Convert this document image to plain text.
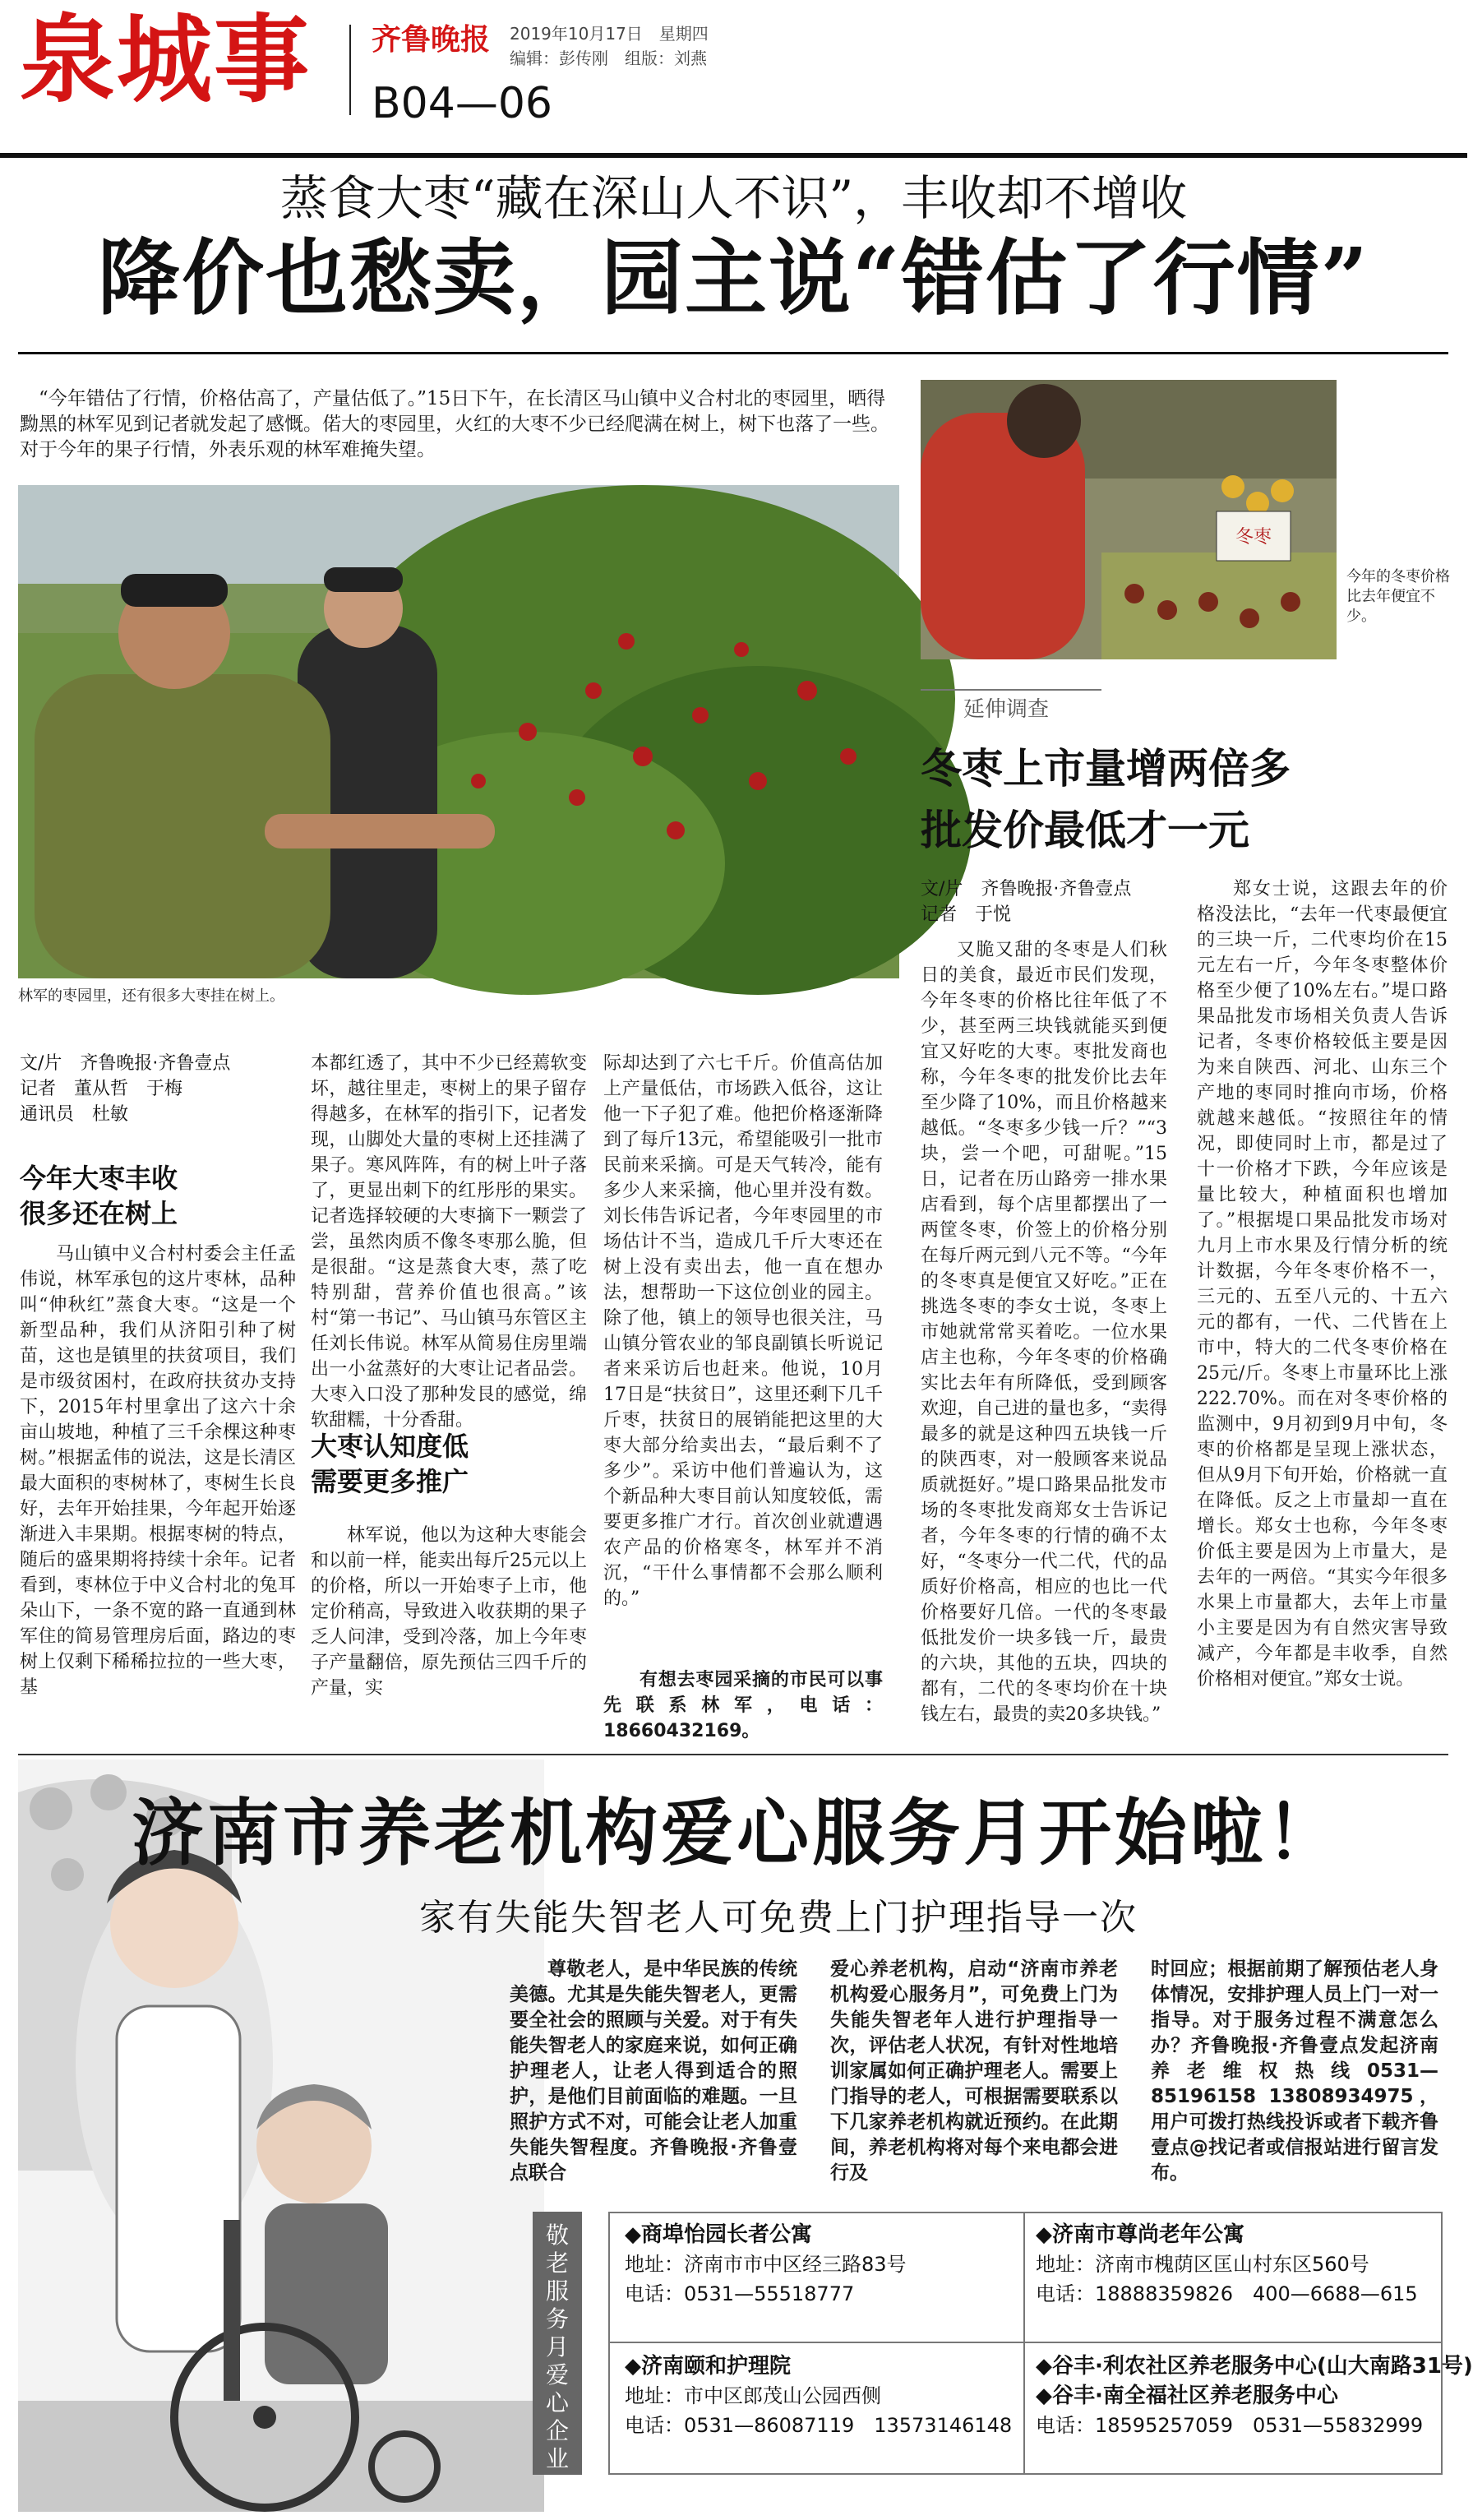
泉城事 齐鲁晚报
B04—06
2019年10月17日　星期四
编辑：彭传刚　组版：刘燕
蒸食大枣“藏在深山人不识”，丰收却不增收
降价也愁卖，园主说“错估了行情”
“今年错估了行情，价格估高了，产量估低了。”15日下午，在长清区马山镇中义合村北的枣园里，晒得黝黑的林军见到记者就发起了感慨。偌大的枣园里，火红的大枣不少已经爬满在树上，树下也落了一些。对于今年的果子行情，外表乐观的林军难掩失望。
林军的枣园里，还有很多大枣挂在树上。
冬枣
今年的冬枣价格比去年便宜不少。
延伸调查
冬枣上市量增两倍多
批发价最低才一元
文/片　齐鲁晚报·齐鲁壹点
记者　于悦
又脆又甜的冬枣是人们秋日的美食，最近市民们发现，今年冬枣的价格比往年低了不少，甚至两三块钱就能买到便宜又好吃的大枣。枣批发商也称，今年冬枣的批发价比去年至少降了10%，而且价格越来越低。“冬枣多少钱一斤？”“3块，尝一个吧，可甜呢。”15日，记者在历山路旁一排水果店看到，每个店里都摆出了一两筐冬枣，价签上的价格分别在每斤两元到八元不等。“今年的冬枣真是便宜又好吃。”正在挑选冬枣的李女士说，冬枣上市她就常常买着吃。一位水果店主也称，今年冬枣的价格确实比去年有所降低，受到顾客欢迎，自己进的量也多，“卖得最多的就是这种四五块钱一斤的陕西枣，对一般顾客来说品质就挺好。”堤口路果品批发市场的冬枣批发商郑女士告诉记者，今年冬枣的行情的确不太好，“冬枣分一代二代，代的品质好价格高，相应的也比一代价格要好几倍。一代的冬枣最低批发价一块多钱一斤，最贵的六块，其他的五块，四块的都有，二代的冬枣均价在十块钱左右，最贵的卖20多块钱。”
郑女士说，这跟去年的价格没法比，“去年一代枣最便宜的三块一斤，二代枣均价在15元左右一斤，今年冬枣整体价格至少便了10%左右。”堤口路果品批发市场相关负责人告诉记者，冬枣价格较低主要是因为来自陕西、河北、山东三个产地的枣同时推向市场，价格就越来越低。“按照往年的情况，即使同时上市，都是过了十一价格才下跌，今年应该是量比较大，种植面积也增加了。”根据堤口果品批发市场对九月上市水果及行情分析的统计数据，今年冬枣价格不一，三元的、五至八元的、十五六元的都有，一代、二代皆在上市中，特大的二代冬枣价格在25元/斤。冬枣上市量环比上涨222.70%。而在对冬枣价格的监测中，9月初到9月中旬，冬枣的价格都是呈现上涨状态，但从9月下旬开始，价格就一直在降低。反之上市量却一直在增长。郑女士也称，今年冬枣价低主要是因为上市量大，是去年的一两倍。“其实今年很多水果上市量都大，去年上市量小主要是因为有自然灾害导致减产，今年都是丰收季，自然价格相对便宜。”郑女士说。
文/片　齐鲁晚报·齐鲁壹点
记者　董从哲　于梅
通讯员　杜敏
今年大枣丰收
很多还在树上
马山镇中义合村村委会主任孟伟说，林军承包的这片枣林，品种叫“伸秋红”蒸食大枣。“这是一个新型品种，我们从济阳引种了树苗，这也是镇里的扶贫项目，我们是市级贫困村，在政府扶贫办支持下，2015年村里拿出了这六十余亩山坡地，种植了三千余棵这种枣树。”根据孟伟的说法，这是长清区最大面积的枣树林了，枣树生长良好，去年开始挂果，今年起开始逐渐进入丰果期。根据枣树的特点，随后的盛果期将持续十余年。记者看到，枣林位于中义合村北的兔耳朵山下，一条不宽的路一直通到林军住的简易管理房后面，路边的枣树上仅剩下稀稀拉拉的一些大枣，基
本都红透了，其中不少已经蔫软变坏，越往里走，枣树上的果子留存得越多，在林军的指引下，记者发现，山脚处大量的枣树上还挂满了果子。寒风阵阵，有的树上叶子落了，更显出刺下的红彤彤的果实。记者选择较硬的大枣摘下一颗尝了尝，虽然肉质不像冬枣那么脆，但是很甜。“这是蒸食大枣，蒸了吃特别甜，营养价值也很高。”该村“第一书记”、马山镇马东管区主任刘长伟说。林军从简易住房里端出一小盆蒸好的大枣让记者品尝。大枣入口没了那种发艮的感觉，绵软甜糯，十分香甜。
大枣认知度低
需要更多推广
林军说，他以为这种大枣能会和以前一样，能卖出每斤25元以上的价格，所以一开始枣子上市，他定价稍高，导致进入收获期的果子乏人问津，受到冷落，加上今年枣子产量翻倍，原先预估三四千斤的产量，实
际却达到了六七千斤。价值高估加上产量低估，市场跌入低谷，这让他一下子犯了难。他把价格逐渐降到了每斤13元，希望能吸引一批市民前来采摘。可是天气转冷，能有多少人来采摘，他心里并没有数。刘长伟告诉记者，今年枣园里的市场估计不当，造成几千斤大枣还在树上没有卖出去，他一直在想办法，想帮助一下这位创业的园主。除了他，镇上的领导也很关注，马山镇分管农业的邹良副镇长听说记者来采访后也赶来。他说，10月17日是“扶贫日”，这里还剩下几千斤枣，扶贫日的展销能把这里的大枣大部分给卖出去，“最后剩不了多少”。采访中他们普遍认为，这个新品种大枣目前认知度较低，需要更多推广才行。首次创业就遭遇农产品的价格寒冬，林军并不消沉，“干什么事情都不会那么顺利的。”
有想去枣园采摘的市民可以事先联系林军，电话：18660432169。
济南市养老机构爱心服务月开始啦！
家有失能失智老人可免费上门护理指导一次
尊敬老人，是中华民族的传统美德。尤其是失能失智老人，更需要全社会的照顾与关爱。对于有失能失智老人的家庭来说，如何正确护理老人，让老人得到适合的照护，是他们目前面临的难题。一旦照护方式不对，可能会让老人加重失能失智程度。齐鲁晚报·齐鲁壹点联合
爱心养老机构，启动“济南市养老机构爱心服务月”，可免费上门为失能失智老年人进行护理指导一次，评估老人状况，有针对性地培训家属如何正确护理老人。需要上门指导的老人，可根据需要联系以下几家养老机构就近预约。在此期间，养老机构将对每个来电都会进行及
时回应；根据前期了解预估老人身体情况，安排护理人员上门一对一指导。对于服务过程不满意怎么办？齐鲁晚报·齐鲁壹点发起济南养老维权热线0531—85196158 13808934975，用户可拨打热线投诉或者下载齐鲁壹点@找记者或信报站进行留言发布。
敬
老
服
务
月
爱
心
企
业
◆商埠怡园长者公寓
地址：济南市市中区经三路83号
电话：0531—55518777
◆济南市尊尚老年公寓
地址：济南市槐荫区匡山村东区560号
电话：18888359826　400—6688—615
◆济南颐和护理院
地址：市中区郎茂山公园西侧
电话：0531—86087119　13573146148
◆谷丰·利农社区养老服务中心(山大南路31号)
◆谷丰·南全福社区养老服务中心
电话：18595257059　0531—55832999
